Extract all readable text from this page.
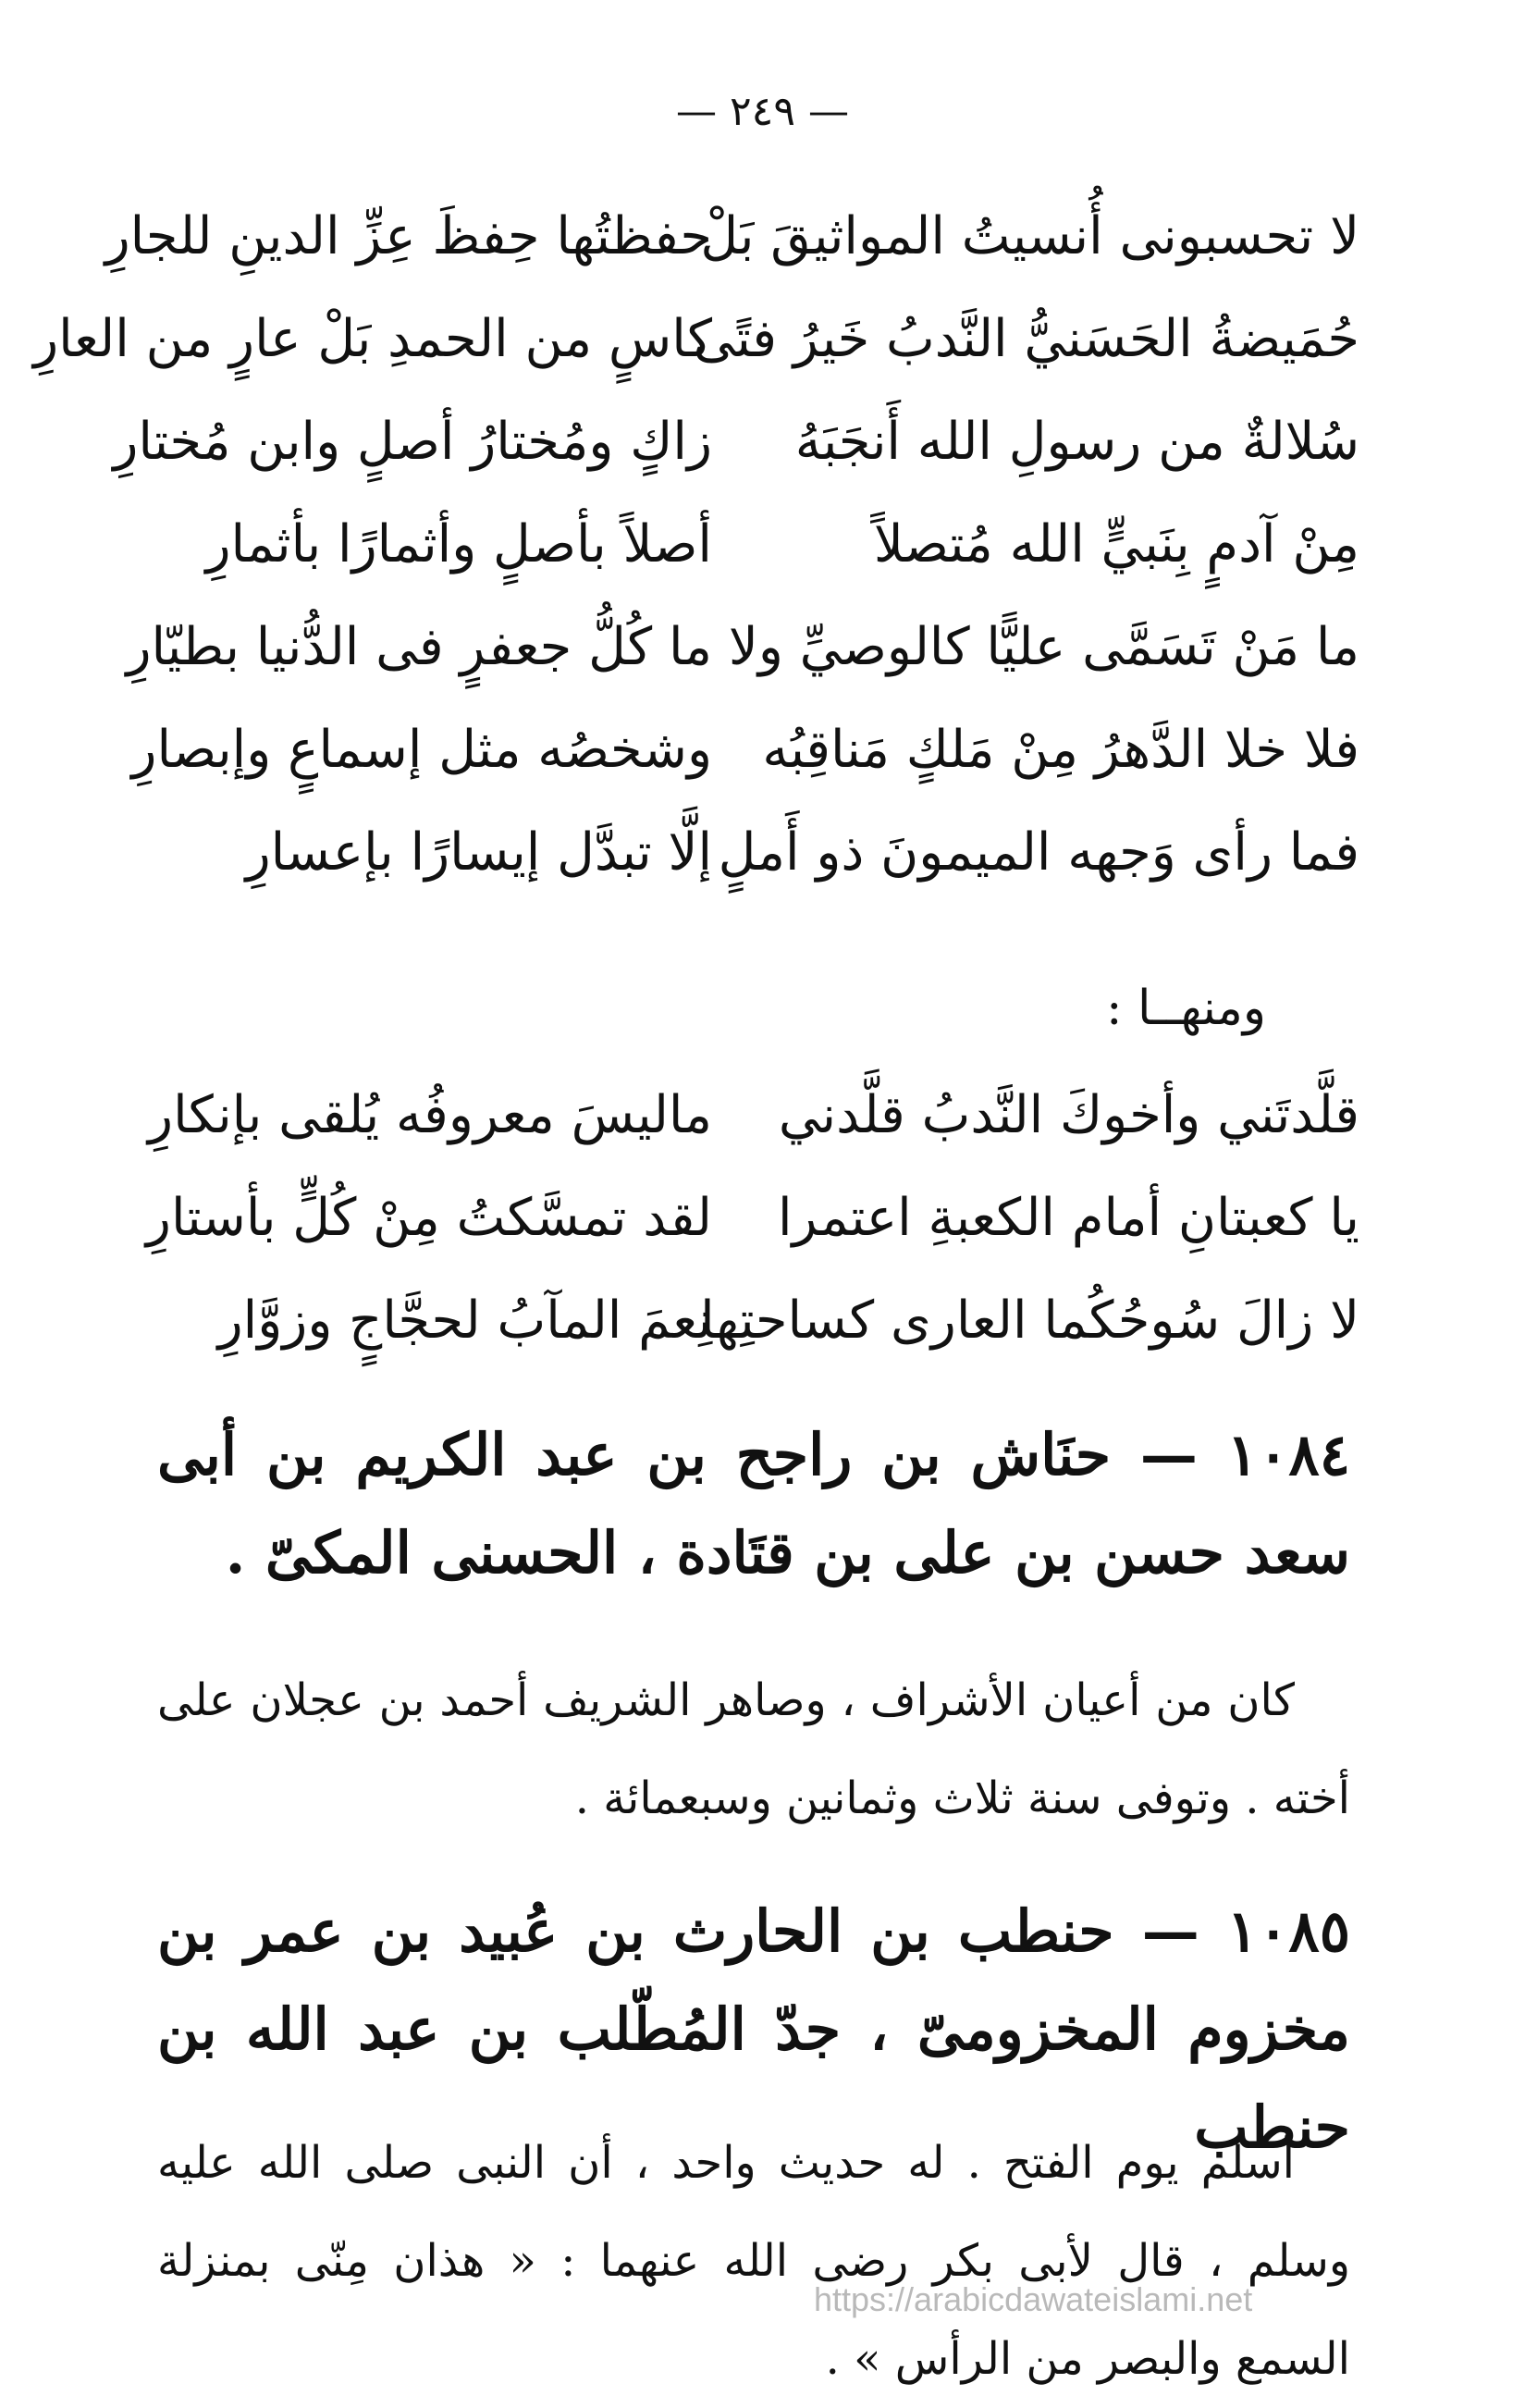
— ٢٤٩ —
لا تحسبونى أُنسيتُ المواثيقَ بَلْ
حفظتُها حِفظَ عِزِّ الدينِ للجارِ
حُمَيضةُ الحَسَنيُّ النَّدبُ خَيرُ فتًى
كاسٍ من الحمدِ بَلْ عارٍ من العارِ
سُلالةٌ من رسولِ الله أَنجَبَهُ
زاكٍ ومُختارُ أصلٍ وابن مُختارِ
مِنْ آدمٍ بِنَبيٍّ الله مُتصلاً
أصلاً بأصلٍ وأثمارًا بأثمارِ
ما مَنْ تَسَمَّى عليًّا كالوصيِّ ولا
ما كُلُّ جعفرٍ فى الدُّنيا بطيّارِ
فلا خلا الدَّهرُ مِنْ مَلكٍ مَناقِبُه
وشخصُه مثل إسماعٍ وإبصارِ
فما رأى وَجهه الميمونَ ذو أَملٍ
إلَّا تبدَّل إيسارًا بإعسارِ
ومنهــا :
قلَّدتَني وأخوكَ النَّدبُ قلَّدني
ماليسَ معروفُه يُلقى بإنكارِ
يا كعبتانِ أمام الكعبةِ اعتمرا
لقد تمسَّكتُ مِنْ كُلٍّ بأستارِ
لا زالَ سُوحُكُما العارى كساحتِها
نِعمَ المآبُ لحجَّاجٍ وزوَّارِ
١٠٨٤ — حنَاش بن راجح بن عبد الكريم بن أبى سعد حسن بن على بن قتَادة ، الحسنى المكىّ .
كان من أعيان الأشراف ، وصاهر الشريف أحمد بن عجلان على أخته . وتوفى سنة ثلاث وثمانين وسبعمائة .
١٠٨٥ — حنطب بن الحارث بن عُبيد بن عمر بن مخزوم المخزومىّ ، جدّ المُطّلب بن عبد الله بن حنطب
أسلم يوم الفتح . له حديث واحد ، أن النبى صلى الله عليه وسلم ، قال لأبى بكر رضى الله عنهما : « هذان مِنّى بمنزلة السمع والبصر من الرأس » .
https://arabicdawateislami.net
